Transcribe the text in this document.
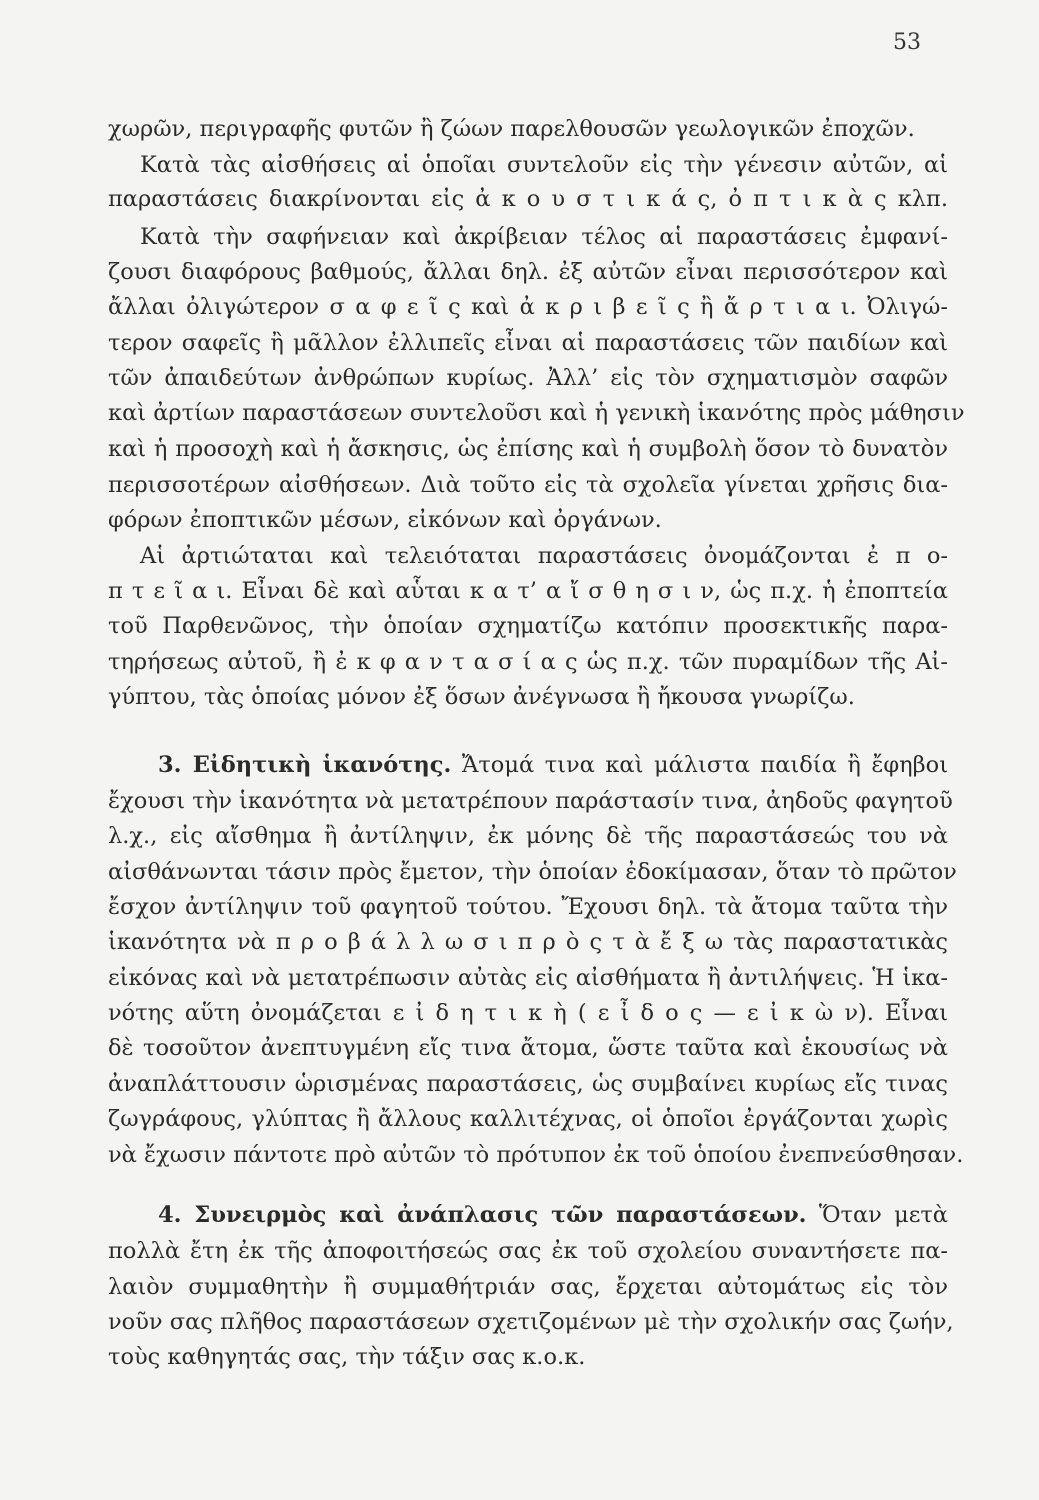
53
χωρῶν, περιγραφῆς φυτῶν ἢ ζώων παρελθουσῶν γεωλογικῶν ἐποχῶν.
Κατὰ τὰς αἰσθήσεις αἱ ὁποῖαι συντελοῦν εἰς τὴν γένεσιν αὐτῶν, αἱ
παραστάσεις διακρίνονται εἰς ἀ κ ο υ σ τ ι κ ά ς, ὀ π τ ι κ ὰ ς κλπ.
Κατὰ τὴν σαφήνειαν καὶ ἀκρίβειαν τέλος αἱ παραστάσεις ἐμφανί-
ζουσι διαφόρους βαθμούς, ἄλλαι δηλ. ἐξ αὐτῶν εἶναι περισσότερον καὶ
ἄλλαι ὀλιγώτερον σ α φ ε ῖ ς καὶ ἀ κ ρ ι β ε ῖ ς ἢ ἄ ρ τ ι α ι. Ὀλιγώ-
τερον σαφεῖς ἢ μᾶλλον ἐλλιπεῖς εἶναι αἱ παραστάσεις τῶν παιδίων καὶ
τῶν ἀπαιδεύτων ἀνθρώπων κυρίως. Ἀλλ’ εἰς τὸν σχηματισμὸν σαφῶν
καὶ ἀρτίων παραστάσεων συντελοῦσι καὶ ἡ γενικὴ ἱκανότης πρὸς μάθησιν
καὶ ἡ προσοχὴ καὶ ἡ ἄσκησις, ὡς ἐπίσης καὶ ἡ συμβολὴ ὅσον τὸ δυνατὸν
περισσοτέρων αἰσθήσεων. Διὰ τοῦτο εἰς τὰ σχολεῖα γίνεται χρῆσις δια-
φόρων ἐποπτικῶν μέσων, εἰκόνων καὶ ὀργάνων.
Αἱ ἀρτιώταται καὶ τελειόταται παραστάσεις ὀνομάζονται ἐ π ο-
π τ ε ῖ α ι. Εἶναι δὲ καὶ αὗται κ α τ’ α ἴ σ θ η σ ι ν, ὡς π.χ. ἡ ἐποπτεία
τοῦ Παρθενῶνος, τὴν ὁποίαν σχηματίζω κατόπιν προσεκτικῆς παρα-
τηρήσεως αὐτοῦ, ἢ ἐ κ φ α ν τ α σ ί α ς ὡς π.χ. τῶν πυραμίδων τῆς Αἰ-
γύπτου, τὰς ὁποίας μόνον ἐξ ὅσων ἀνέγνωσα ἢ ἤκουσα γνωρίζω.
3. Εἰδητικὴ ἱκανότης. Ἄτομά τινα καὶ μάλιστα παιδία ἢ ἔφηβοι
ἔχουσι τὴν ἱκανότητα νὰ μετατρέπουν παράστασίν τινα, ἀηδοῦς φαγητοῦ
λ.χ., εἰς αἴσθημα ἢ ἀντίληψιν, ἐκ μόνης δὲ τῆς παραστάσεώς του νὰ
αἰσθάνωνται τάσιν πρὸς ἔμετον, τὴν ὁποίαν ἐδοκίμασαν, ὅταν τὸ πρῶτον
ἔσχον ἀντίληψιν τοῦ φαγητοῦ τούτου. Ἔχουσι δηλ. τὰ ἄτομα ταῦτα τὴν
ἱκανότητα νὰ π ρ ο β ά λ λ ω σ ι π ρ ὸ ς τ ὰ ἔ ξ ω τὰς παραστατικὰς
εἰκόνας καὶ νὰ μετατρέπωσιν αὐτὰς εἰς αἰσθήματα ἢ ἀντιλήψεις. Ἡ ἱκα-
νότης αὕτη ὀνομάζεται ε ἰ δ η τ ι κ ὴ ( ε ἶ δ ο ς — ε ἰ κ ὼ ν). Εἶναι
δὲ τοσοῦτον ἀνεπτυγμένη εἴς τινα ἄτομα, ὥστε ταῦτα καὶ ἑκουσίως νὰ
ἀναπλάττουσιν ὡρισμένας παραστάσεις, ὡς συμβαίνει κυρίως εἴς τινας
ζωγράφους, γλύπτας ἢ ἄλλους καλλιτέχνας, οἱ ὁποῖοι ἐργάζονται χωρὶς
νὰ ἔχωσιν πάντοτε πρὸ αὐτῶν τὸ πρότυπον ἐκ τοῦ ὁποίου ἐνεπνεύσθησαν.
4. Συνειρμὸς καὶ ἀνάπλασις τῶν παραστάσεων. Ὅταν μετὰ
πολλὰ ἔτη ἐκ τῆς ἀποφοιτήσεώς σας ἐκ τοῦ σχολείου συναντήσετε πα-
λαιὸν συμμαθητὴν ἢ συμμαθήτριάν σας, ἔρχεται αὐτομάτως εἰς τὸν
νοῦν σας πλῆθος παραστάσεων σχετιζομένων μὲ τὴν σχολικήν σας ζωήν,
τοὺς καθηγητάς σας, τὴν τάξιν σας κ.ο.κ.
